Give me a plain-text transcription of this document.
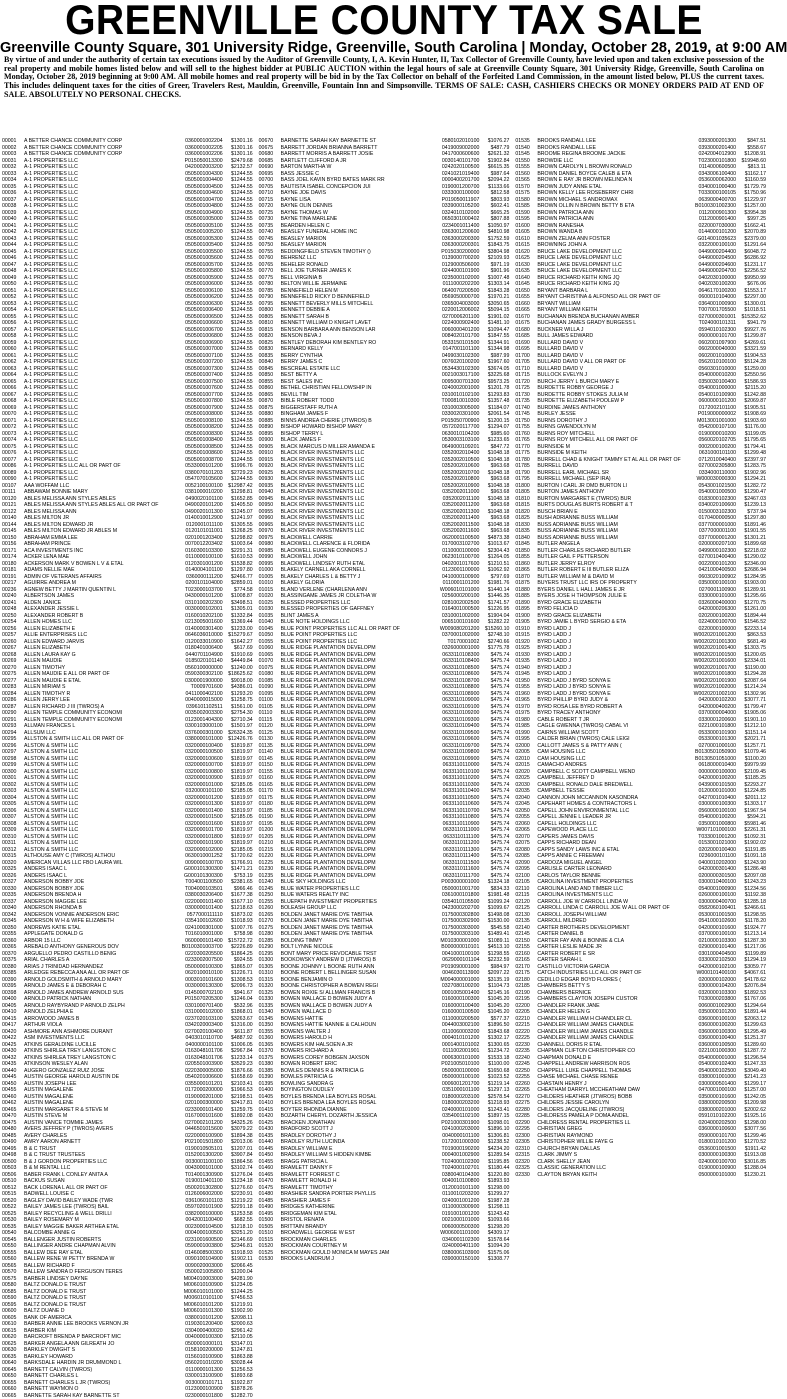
GREENVILLE COUNTY TAX SALE
Greenville County Square, 301 University Ridge, Greenville, South Carolina | Monday, October 28, 2019, at 9:00 AM

By virtue of and under the authority of certain tax executions issued by the Auditor of Greenville County, I, A. Kevin Hunter, II, Tax Collector of Greenville County, have levied upon and taken exclusive possession of the real property and mobile homes listed below and will sell to the highest bidder at PUBLIC AUCTION within the legal hours of sale at Greenville County Square, 301 University Ridge, Greenville, South Carolina on Monday, October 28, 2019 beginning at 9:00 AM. All mobile homes and real property will be bid in by the Tax Collector on behalf of the Forfeited Land Commission, in the amount listed below, PLUS the current taxes. This includes delinquent taxes for the cities of Greer, Travelers Rest, Mauldin, Greenville, Fountain Inn and Simpsonville. TERMS OF SALE: CASH, CASHIERS CHECKS OR MONEY ORDERS PAID AT END OF SALE. ABSOLUTELY NO PERSONAL CHECKS.

00001	A BETTER CHANCE COMMUNITY CORP	0360001002204	$1301.16
00002	A BETTER CHANCE COMMUNITY CORP	0360001002205	$1301.16
00003	A BETTER CHANCE COMMUNITY CORP	0360001002206	$1301.16
00031	A-1 PROPERTIES LLC	P015050013300	$2479.68
00032	A-1 PROPERTIES LLC	0420002003200	$2132.57
00033	A-1 PROPERTIES LLC	0505001004300	$1244.55
00034	A-1 PROPERTIES LLC	0505001004400	$1244.55
00035	A-1 PROPERTIES LLC	0505001004500	$1244.55
00036	A-1 PROPERTIES LLC	0505001004600	$1244.55
00037	A-1 PROPERTIES LLC	0505001004700	$1244.55
00038	A-1 PROPERTIES LLC	0505001004800	$1244.55
00039	A-1 PROPERTIES LLC	0505001004900	$1244.55
00040	A-1 PROPERTIES LLC	0505001005000	$1244.55
00041	A-1 PROPERTIES LLC	0505001005100	$1244.55
00042	A-1 PROPERTIES LLC	0505001005200	$1244.55
00043	A-1 PROPERTIES LLC	0505001005300	$1244.55
00044	A-1 PROPERTIES LLC	0505001005400	$1244.55
00045	A-1 PROPERTIES LLC	0505001005500	$1244.55
00046	A-1 PROPERTIES LLC	0505001005600	$1244.55
00047	A-1 PROPERTIES LLC	0505001005700	$1244.55
00048	A-1 PROPERTIES LLC	0505001005800	$1244.55
00049	A-1 PROPERTIES LLC	0505001005900	$1244.55
00050	A-1 PROPERTIES LLC	0505001006000	$1244.55
00051	A-1 PROPERTIES LLC	0505001006100	$1244.55
00052	A-1 PROPERTIES LLC	0505001006200	$1244.55
00053	A-1 PROPERTIES LLC	0505001006300	$1244.55
00054	A-1 PROPERTIES LLC	0505001006400	$1244.55
00055	A-1 PROPERTIES LLC	0505001006500	$1244.55
00056	A-1 PROPERTIES LLC	0505001006600	$1244.55
00057	A-1 PROPERTIES LLC	0505001006700	$1244.55
00058	A-1 PROPERTIES LLC	0505001006800	$1244.55
00059	A-1 PROPERTIES LLC	0505001006900	$1244.55
00060	A-1 PROPERTIES LLC	0505001007000	$1244.55
00061	A-1 PROPERTIES LLC	0505001007100	$1244.55
00062	A-1 PROPERTIES LLC	0505001007200	$1244.55
00063	A-1 PROPERTIES LLC	0505001007300	$1244.55
00064	A-1 PROPERTIES LLC	0505001007400	$1244.55
00065	A-1 PROPERTIES LLC	0505001007500	$1244.55
00066	A-1 PROPERTIES LLC	0505001007600	$1244.55
00067	A-1 PROPERTIES LLC	0505001007700	$1244.55
00068	A-1 PROPERTIES LLC	0505001007800	$1244.55
00069	A-1 PROPERTIES LLC	0505001007900	$1244.55
00070	A-1 PROPERTIES LLC	0505001008000	$1244.55
00071	A-1 PROPERTIES LLC	0505001008100	$1244.55
00072	A-1 PROPERTIES LLC	0505001008200	$1244.55
00073	A-1 PROPERTIES LLC	0505001008300	$1244.55
00074	A-1 PROPERTIES LLC	0505001008400	$1244.55
00075	A-1 PROPERTIES LLC	0505001008500	$1244.55
00076	A-1 PROPERTIES LLC	0505001008600	$1244.55
00077	A-1 PROPERTIES LLC	0505001008700	$1244.55
00086	A-1 PROPERTIES LLC ALL OR PART OF	0533000101200	$1996.76
00089	A-1 PROPERTIES LLC	0380070101203	$2729.23
00090	A-1 PROPERTIES LLC	0547070105600	$1244.55
00107	AAA WOFFAM LLC	0052100100100	$12987.42
00111	ABBAWAM BONNIE MARY	0381000010200	$1298.81
00120	ABLES MELISSA ANN STYLES ABLES	0490020101100	$1652.85
00121	ABLES MELISSA ANN STYLES ABLES ALL OR PART OF	0490020101200	$1405.50
00122	ABLES MELISSA ANN	0490020101300	$1245.07
00140	ABLES MILTON JR	0140010012900	$1241.97
00144	ABLES MILTON EDWARD JR	0120001011100	$1305.55
00145	ABLES MILTON EDWARD JR ABLES M	0120101011001	$1268.25
00150	ABRAHAM EMMA LEE	0201001203400	$1298.82
00156	ABRAHAM PRINCE	0070012203402	$1003.64
00171	ACA INVESTMENTS INC	0160300103300	$2291.31
00174	ACKER LENA MAE	0110000100100	$1610.53
00180	ACKERSON MARK V BOWEN L V & ETAL	0120301001200	$1538.82
00181	ADAMS NELLIE MAE	0140004101100	$1297.80
00191	ADMIN OF VETERANS AFFAIRS	0360000111200	$2466.77
00217	AGUIRRE ANDREA M	0200101104000	$2859.01
00236	AGNEW BETTY J MARTIN QUENTIN L	T023000103700	$774.58
00240	ALBERTSON JAMES	0430000101200	$1008.87
00241	ALDEN JANICE	0310100202300	$3498.51
00248	ALEXANDER JESSIE L	0030000102001	$1305.01
00250	ALEXANDER ROBERT B	0160010202100	$1332.84
00254	ALLEN HOMES LLC	0213005001600	$1369.44
00256	ALLEN ELIZABETH E	0140000301400	$1233.00
00257	ALLIE ENTERPRISES LLC	0646036010000	$15279.67
00260	ALLEN EDWARD JARVIS	0120033010900	$1642.27
00267	ALLEN ELIZABETH	0180401006400	$617.69
00268	ALLEN LAURA KAY G	0440701104900	$1910.69
00269	ALLEN MAUDIE	0185020101140	$4449.84
00270	ALLEN TIMOTHY	0560100000000	$1240.00
00275	ALLEN MAUDIE E ALL OR PART OF	0590300302100	$18625.62
00277	ALLEN MAUDIE E ETAL	0300001900000	$9018.00
00283	ALLEN MIRIAM S	T0009701600	$4386.01
00284	ALLEN TIMOTHY R	0411000402100	$1293.20
00286	ALLEN JERRY LEE	0040000015000	$1258.75
00287	ALLEN RICHARD J III (TWROS) A	0396101102511	$1561.00
00290	ALLEN TEMPLE COMMUNITY ECONOMI	0035002003300	$2754.30
00291	ALLEN TEMPLE COMMUNITY ECONOMI	0123001404300	$2710.34
00293	ALLMAN FRANCES L	0300103000100	$1501.97
00294	ALLSUM LLC	0376000301000	$26324.35
00295	ALLSTON & SMITH LLC ALL OR PART OF	0380000101000	$12426.76
00296	ALSTON & SMITH LLC	0320000100400	$1819.87
00297	ALSTON & SMITH LLC	0320000100500	$1819.97
00298	ALSTON & SMITH LLC	0320000100600	$1819.97
00299	ALSTON & SMITH LLC	0320000100700	$1819.97
00300	ALSTON & SMITH LLC	0320000100800	$1819.97
00301	ALSTON & SMITH LLC	0320000100900	$1819.97
00302	ALSTON & SMITH LLC	0320000101000	$2185.05
00303	ALSTON & SMITH LLC	0320000101100	$2185.05
00304	ALSTON & SMITH LLC	0320000101200	$1819.97
00305	ALSTON & SMITH LLC	0320000101300	$1819.97
00306	ALSTON & SMITH LLC	0320000101400	$1819.97
00307	ALSTON & SMITH LLC	0320000101500	$2185.05
00308	ALSTON & SMITH LLC	0320000101600	$1819.97
00309	ALSTON & SMITH LLC	0320000101700	$1819.97
00310	ALSTON & SMITH LLC	0320000101800	$1819.97
00311	ALSTON & SMITH LLC	0320000101900	$1819.97
00312	ALSTON & SMITH LLC	0320000102000	$2185.05
00315	ALTHOUSE AMY C (TWROS) ALTHOU	0630010001252	$1720.62
00320	AMERICAN VILLAS LLC FBO LAURA WIL	0090000100700	$1766.91
00325	ANDERS ISAAC L	G000101300300	$1471.21
00326	ANDERS ISAAC L	G000101300300	$753.19
00327	ANDERSON BOBBY JOE	T004001100500	$2381.65
00330	ANDERSON BOBBY JOE	T004000103501	$966.46
00335	ANDERSON BRENDA H	0380030206400	$1677.38
00337	ANDERSON MAGGIE LEE	0220000101400	$1677.10
00340	ANDERSON RHONDA B	0300000101400	$1218.63
00342	ANDERSON VONNIE ANDERSON ERIC	0577000111110	$1873.02
00345	ANDERSON W H & WIFE ELIZABETH	0354100102600	$1018.93
00350	ANDREWS KATIE ETAL	0241000301000	$1007.76
00355	APPLEGATE DONALD G	T016010001000	$758.98
00360	ARBOR 15 LLC	0600000101400	$15722.72
00365	AREBALO ANTHONY GENEROUS DOV	B0100301003700	$2226.89
00370	ARGUELLO PEDRO CASTILLO BENIG	0220300205500	$1864.25
00375	ARIAL CHARLES A	0233002007500	$924.55
00380	ARIAS J TRINIDAD HERNANDEZ	0500000100300	$1865.07
00385	ARLEDGE REBECCA ANA ALL OR PART OF	0620100010100	$1226.71
00390	ARNOLD GOLDSMITH & ARNOLD MARY	0003010101600	$1308.53
00395	ARNOLD JAMES E & DEBORAH C	0030000130300	$2096.73
00398	ARNOLD JAMES ANDREW ARNOLD SUS	0145000702100	$941.67
00400	ARNOLD PATRICK NATHAN	P015070205300	$1246.04
00405	ARNOLD RAYBYRAND P ARNOLD ZELPH	0301000701400	$532.96
00410	ARNOLD ZELPHIA E	0310000102000	$1868.01
00415	ARROWOOD JAMES B	0237020103100	$3263.67
00417	ARTHUR VIOLA	0342020003400	$1316.00
00420	ASHMORE ANN ASHMORE DURANT	0270020100400	$611.87
00422	ASM INVESTMENTS LLC	0403010110700	$4887.92
00425	ATKINS GERALDINE LUCILLE	0400000101100	$1006.05
00430	ATKINS SHIRLEA TREY LANGSTON C	0163048101706	$2967.84
00432	ATKINS SHIRLEA TREY LANGSTON C	0163048101706	$1233.14
00435	ATKINSON WESLEY ALAN	0205501003900	$3529.23
00440	AUGERO GONZALEZ RUIZ JOSE	0220300005000	$1876.66
00445	AUSTIN GEORGE HAROLD AUSTIN DE	0540201006600	$1658.69
00450	AUSTIN JOSEPH LEE	0355000101201	$2103.41
00455	AUSTIN MAGALENE	0172000200000	$1966.53
00460	AUSTIN MAGALENE	0190000201000	$2198.51
00462	AUSTIN MAGALENE	0201000300000	$2417.81
00465	AUSTIN MARGARET R & STEVE M	0233000101400	$1259.75
00470	AUSTIN STEVE M	0167000101600	$1892.08
00475	AUSTIN VANCE TOMMIE JAMES	0270002101200	$4325.26
00480	AVERS JEFFREY P (TWROS) AVERS	0446501015600	$3079.22
00485	AVERY CHARLES	0220000100900	$1894.38
00490	AWRY AARON ARNETT	P021001501800	$2013.06
00495	B & C TRUST	0190010505101	$1207.01
00498	B & C TRUST TRUSTEES	0152001300200	$3907.84
00500	B & J GORDON PROPERTIES LLC	0030001100100	$1864.56
00503	B & M RENTAL LLC	0043000101000	$3102.74
00506	BABER FRANK L CONLEY ANITA A	T014001300900	$1276.04
00510	BACKUS SUSAN	0190010401100	$1234.18
00512	BACK LORENA L ALL OR PART OF	0500201302800	$1276.60
00515	BADWELL LOUISE C	0126006002000	$2230.91
00520	BAGLEY DAVID BAILEY WADE (TWR	0361060101103	$1219.22
00522	BAILEY JAMES LEE (TWROS) BAIL	0597020101900	$2291.18
00525	BAILEY RECYCLING & WELL DRILLI	0382000100000	$1253.58
00530	BAILEY ROSEMARY M	0042001100400	$682.55
00535	BAILEY MAGGIE BAKER ARTHEA ETAL	0023000104500	$1218.10
00540	BALCOMBE ANNIE G	0004000100500	$3251.20
00545	BALLENGER JUSTIN ROBERTS	0231001600500	$2146.69
00550	BALLINGER ANDRE CHAPMAN ALVIN	0590001003800	$2346.81
00555	BALLEW DEE RAY ETAL	0146008500300	$1918.93
00560	BALLEW RENE W PETTY BRENDA W	0090100104900	$1902.11
00565	BALLEW RICHARD F	0090020003000	$2066.45
00570	BALLEW SANDRA D FERGUSON TERES	0500021005800	$1200.04
00575	BARBER LINDSEY DAYNE	M004010003000	$4281.90
00580	BALTZ DONALD E TRUST	M006010100900	$1234.05
00585	BALTZ DONALD E TRUST	M006010101000	$1244.25
00590	BALTZ DONALD E TRUST	M006010101100	$7456.53
00595	BALTZ DONALD E TRUST	M006010101200	$1219.91
00600	BALTZ DUANE D	M006010101300	$1902.90
00605	BANK OF AMERICA	0380010101200	$2098.11
00610	BARBER ANNIE LEE BROOKS VERNON JR	0190301200400	$2000.63
00615	BARBER KIM	0304000400020	$2961.42
00620	BARCROFT BRENDA P BARCROFT MIC	0040000100300	$2110.05
00625	BARKER ANGELA ANN GILREATH JO	0500001000101	$3147.01
00630	BARKLEY DWIGHT S	0158100200000	$1247.81
00635	BARKLEY HOWARD	0156010100900	$1863.88
00640	BARKSDALE HARDIN JR DRUMMOND L	0560201010200	$3028.44
00645	BARNETT CALVIN (TWROS)	0110000101300	$1256.53
00650	BARNETT CHARLES L	0300013100900	$1893.68
00655	BARNETT CHARLES L JR (TWROS)	0030000101711	$1922.87
00660	BARNETT WAYMON O	0123000100900	$1878.26
00665	BARNETTE SARAH KAY BARNETTE ST	0230000101800	$1282.70
00670	BARNETTE SARAH KAY BARNETTE ST	0580102010100	$1076.27
00675	BARRETT JORDAN BRIANNA BARRETT	0419009002000	$487.79
00680	BARRETT MORRIS A BARRETT JOSIE	0417000600600	$2621.32
00685	BARTLETT CLIFFORD A JR	0030140101700	$1902.84
00690	BARTON MARTHA W	0242020100500	$6615.35
00695	BASS JESSIE C	0241021019400	$987.64
00700	BASS JOEL KAVIN BYRD BATES MARK RR	0000400201700	$2094.22
00705	BAUTISTA ISABEL CONCEPCION JUI	0190001200700	$1133.66
00710	BAYNE JOE DAVIS	0333000100000	$812.58
00715	BAYNE LISA	P019050011907	$803.93
00720	BAYNE OLIN DENNIS	0339000105200	$602.41
00725	BAYNE THOMAS W	0324010102000	$665.25
00730	BAYNE TINA MARLENE	0650301000402	$807.88
00735	BEARDEN HELEN C	0234001011400	$1050.97
00740	BEASLEY FUNERAL HOME INC	0363001200600	$4810.98
00745	BEASLEY MARION	0363000200300	$1752.59
00750	BEASLEY MARION	0363000200301	$1843.75
00755	BEDDINGFIELD STEVEN TIMOTHY ()	P015030200000	$3804.98
00760	BEHRENZ LLC	0139000700200	$2109.93
00765	BEHELER RONALD	0129000506000	$971.19
00770	BELL JOE TURNER JAMES K	0244000101900	$901.96
00775	BELL VIRGINIA B	0235000102000	$1007.48
00780	BELTON WILLIE JERMAINE	0111000202200	$1303.14
00785	BENNEFIELD HELEN M	0640070200500	$1843.28
00790	BENNEFIELD RICKY D BENNEFIELD	0569050000700	$1970.21
00795	BENNETT BEVERLY MILLS MITCHELL	0365004003000	$3050.65
00800	BENNETT DEBBIE A	0220012006002	$5094.15
00805	BENNETT SARAH B	0270006201100	$1901.02
00810	BENNETT WILLIAM D KNIGHT LAVET	0224000902400	$1481.10
00815	BENSON BARBARA ANN BENSON LAR	0060000401200	$1094.47
00820	BENSON BEVA J	0084020101700	$1847.55
00825	BENTLEY DEBORAH KIM BENTLEY RO	0533150101500	$1344.91
00830	BERNARD KELLY	0147001101100	$1344.98
00835	BERRY CYNTHIA	0499030102300	$987.99
00840	BERRY JAMES C	0076020100200	$1967.60
00845	BESCREAL ESTATE LLC	0534430102300	$3674.05
00850	BEST BETTY A	0021003017100	$3225.68
00855	BEST SALES INC	0095000701300	$9573.25
00860	BETHEL CHRISTIAN FELLOWSHIP IN	0240002001000	$1201.78
00865	BEVILL TIM	0310010102100	$1293.83
00870	BIBLE ROBERT TODD	T000810010300	$1357.48
00875	BIGGERSTAFF RUTH A	0310003005000	$1184.07
00880	BINGHAM JAMES F	0330020301000	$2061.54
00885	BINNS ANDREA CHERIE (JTWROS) B	P015050700900	$1200.15
00890	BISHOP HOWARD BISHOP MARY	0572020117700	$1294.07
00895	BISHOP TERRY L	0630010104200	$985.60
00900	BLACK JAMES F	0530003103100	$1233.65
00905	BLACK MARCUS D MILLER AMANDA E	0649000109201	$847.72
00910	BLACK RIVER INVESTMENTS LLC	0352002010400	$1048.18
00915	BLACK RIVER INVESTMENTS LLC	0352002010500	$1048.18
00920	BLACK RIVER INVESTMENTS LLC	0352002010600	$963.68
00925	BLACK RIVER INVESTMENTS LLC	0352002010700	$1048.18
00930	BLACK RIVER INVESTMENTS LLC	0352002010800	$963.68
00935	BLACK RIVER INVESTMENTS LLC	0352002010900	$1048.18
00940	BLACK RIVER INVESTMENTS LLC	0352002011000	$963.68
00945	BLACK RIVER INVESTMENTS LLC	0352002011100	$1048.18
00950	BLACK RIVER INVESTMENTS LLC	0352002011200	$963.68
00955	BLACK RIVER INVESTMENTS LLC	0352002011300	$1048.18
00960	BLACK RIVER INVESTMENTS LLC	0352002011400	$963.68
00965	BLACK RIVER INVESTMENTS LLC	0352002011500	$1048.18
00970	BLACK RIVER INVESTMENTS LLC	0352002011600	$963.68
00975	BLACKWELL CARRIE	0620001100500	$4873.38
00980	BLACKWELL CLARENCE & FLORIDA	0170003102700	$1013.67
00985	BLACKWELL EUGENE CONNORS J	0110000100000	$2304.43
00990	BLACKWELL JOHN	0623010100700	$1264.05
00995	BLACKWELL LINDSEY RUTH ETAL	0402001017600	$1210.51
01000	BLAKELY CARNELL AKA CORNELL	0123001100000	$1062.92
01005	BLAKELY CHARLES L & BETTY J	0410000100900	$797.69
01010	BLAKELY GLORIA	0110001101200	$1981.76
01015	BLAND VERLENE (CHARLENA ANN	W006010101000	$1440.14
01020	BLASSINGAME JAMES JR COLETHA W	0256000200100	$1446.35
01025	BLESSED PROPERTIES LLC	0281002002500	$1741.57
01030	BLESSED PROPERTIES OF GAFFNEY	0164001000500	$1226.95
01035	BLINT JAMES A	0310001002000	$1904.04
01040	BLUE NOTE HOLDINGS LLC	0065100101600	$1282.22
01045	BLUE POINT PROPERTIES LLC ALL OR PART OF	W009080201200	$15260.10
01050	BLUE POINT PROPERTIES LLC	0370001002000	$2748.10
01055	BLUE POINT PROPERTIES LLC	T0170001002	$2740.66
01060	BLUE RIDGE PLANTATION DEVELOPM	0326000001000	$1775.78
01065	BLUE RIDGE PLANTATION DEVELOPM	0633110108300	$475.74
01070	BLUE RIDGE PLANTATION DEVELOPM	0633110108400	$475.74
01075	BLUE RIDGE PLANTATION DEVELOPM	0633110108500	$475.74
01080	BLUE RIDGE PLANTATION DEVELOPM	0633110108600	$475.74
01085	BLUE RIDGE PLANTATION DEVELOPM	0633110108700	$475.74
01090	BLUE RIDGE PLANTATION DEVELOPM	0633110108800	$475.74
01095	BLUE RIDGE PLANTATION DEVELOPM	0633110108900	$475.74
01100	BLUE RIDGE PLANTATION DEVELOPM	0633110109000	$475.74
01105	BLUE RIDGE PLANTATION DEVELOPM	0633110109100	$475.74
01110	BLUE RIDGE PLANTATION DEVELOPM	0633110109200	$475.74
01115	BLUE RIDGE PLANTATION DEVELOPM	0633110109300	$475.74
01120	BLUE RIDGE PLANTATION DEVELOPM	0633110109400	$475.74
01125	BLUE RIDGE PLANTATION DEVELOPM	0633110109500	$475.74
01130	BLUE RIDGE PLANTATION DEVELOPM	0633110109600	$475.74
01135	BLUE RIDGE PLANTATION DEVELOPM	0633110109700	$475.74
01140	BLUE RIDGE PLANTATION DEVELOPM	0633110109800	$475.74
01145	BLUE RIDGE PLANTATION DEVELOPM	0633110109900	$475.74
01150	BLUE RIDGE PLANTATION DEVELOPM	0633110110000	$475.74
01155	BLUE RIDGE PLANTATION DEVELOPM	0633110110100	$475.74
01160	BLUE RIDGE PLANTATION DEVELOPM	0633110110200	$475.74
01165	BLUE RIDGE PLANTATION DEVELOPM	0633110110300	$475.74
01170	BLUE RIDGE PLANTATION DEVELOPM	0633110110400	$475.74
01175	BLUE RIDGE PLANTATION DEVELOPM	0633110110500	$475.74
01180	BLUE RIDGE PLANTATION DEVELOPM	0633110110600	$475.74
01185	BLUE RIDGE PLANTATION DEVELOPM	0633110110700	$475.74
01190	BLUE RIDGE PLANTATION DEVELOPM	0633110110800	$475.74
01195	BLUE RIDGE PLANTATION DEVELOPM	0633110110900	$475.74
01200	BLUE RIDGE PLANTATION DEVELOPM	0633110111000	$475.74
01205	BLUE RIDGE PLANTATION DEVELOPM	0633110111100	$475.74
01210	BLUE RIDGE PLANTATION DEVELOPM	0633110111200	$475.74
01215	BLUE RIDGE PLANTATION DEVELOPM	0633110111300	$475.74
01220	BLUE RIDGE PLANTATION DEVELOPM	0633110111400	$475.74
01225	BLUE RIDGE PLANTATION DEVELOPM	0633110111500	$475.74
01230	BLUE RIDGE PLANTATION DEVELOPM	0633110111600	$475.74
01235	BLUE RIDGE PLANTATION DEVELOPM	0633110111700	$475.74
01240	BLUE SKY HOLDINGS LLC	P003000001000	$1324.18
01245	BLUE WATER PROPERTIES LLC	0500001001700	$834.33
01250	BLUE WATERS REALTY INC	0361000101800	$1981.48
01255	BLUEPATH INVESTMENT PROPERTIES	0354010105500	$1099.24
01260	BOLEASH GROUP LLC	0423000202700	$1099.67
01265	BOLDEN JANET MARIE DYE TABITHA	0175000302800	$1498.08
01270	BOLDEN JANET MARIE DYE TABITHA	0175000302900	$1530.00
01275	BOLDEN JANET MARIE DYE TABITHA	0175000303000	$545.58
01280	BOLDEN JANET MARIE DYE TABITHA	0175000303100	$1489.41
01285	BOLDING TIMMY	M010300001000	$1089.11
01290	BOLT LYNNE NICOLE	B000000010101	$4513.10
01295	BONT MARY PRICE REVOCABLE TRST	0041000100100	$1298.55
01300	BOOKOWSKY ANDREW D (JTWROS) B	0629000101104	$2232.59
01305	BOONE JOHNNY L BOONE RUTH ANN	P019090001000	$984.97
01310	BOONE ROBERT L BELLINGER SUSAN	0046030113900	$2097.22
01315	BOONE BENJAMIN O	M004000001000	$3135.19
01320	BOONE CHRISTOPHER A BOWEN REGI	0327080100200	$1104.73
01325	BOWEN ROXIE S/ ALLMAN FRANCIS B	0001005001400	$2145.16
01330	BOWEN WALLACE D BOWEN JUDY A	0160000100300	$1045.20
01335	BOWEN WALLACE D BOWEN JUDY A	0160000100400	$1045.20
01340	BOWEN WALLACE D	0160000100500	$1045.20
01345	BOWENS HATTIE	0110000200500	$577.37
01350	BOWENS HATTIE NANNIE & CALHOUN	0044003002100	$1896.50
01355	BOWENS WALTER J	0110060003200	$1843.68
01360	BOWERS HAROLD H	0004010101200	$1302.17
01365	BOWERS KIM HALSOEN A JR	0001400101002	$1300.65
01370	BOWERS RICHARD A	0111002001901	$1234.72
01375	BOWERS COREY BOBGEN JAXSON	0006300101000	$1533.18
01380	BOWEN ROBERT ERIC	P021005010100	$1100.00
01385	BOWLES DENNIS R & PATRICIA G	0500000100000	$1650.68
01390	BOWLES PATRICIA G	0500000100100	$1023.52
01395	BOWLING SANDRA G	0006001201700	$1219.14
01400	BOYINGTON DUDLEY	0351000101100	$1297.13
01405	BOYLES BRENDA LEA BOYLES ROSAL	0180000203100	$2578.54
01410	BOYLES BRENDA LEA BOYLES ROSAL	0180000203200	$1218.93
01415	BOYTER RHONDA DIANNE	0240000101000	$1243.41
01420	BOZARTH CHERYL DOZARTH JESSICA	0354001102100	$1897.15
01425	BRACKEN JONATHAN	P021000301900	$1098.01
01430	BRADFORD SCOTT J	0241000203000	$1896.10
01435	BRADLEY DOROTHY J	0040000101100	$1306.81
01440	BRADLEY RUTH LUCINDA	0172001000300	$1238.52
01445	BRADLEY WILLIAM E	T019000190200	$4234.20
01450	BRADLEY WILLIAM S HIDDEN KIMBE	0004001002900	$1289.54
01455	BRAGG PATRICIA L	T024000102300	$1195.85
01460	BRAMLETT DANNY F	T024000102701	$1180.44
01465	BRAMLETT FORREST C	0380040104300	$1220.80
01470	BRAMLETT RONALD H	0040010100800	$1893.93
01475	BRAMLETT TIMOTHY	0120010101100	$1298.00
01480	BRASHIER SANDRA PORTER PHYLLIS	0110010203200	$1299.27
01485	BRASHIER JAMES F	0240001001200	$1987.28
01490	BRIDGES KATHERINE	0110000300900	$1298.11
01495	BRIDGEMAN KIM ETAL	0191001001200	$1243.42
01500	BRISTOL RENATA	0021000101000	$1093.66
01505	BRITTAIN BRANDY	0060000500300	$1298.20
01510	BROADWELL GEORGE W EST	W006001101000	$4309.17
01515	BROCKMAN CHARLES	0340001102300	$1578.64
01520	BROCKMAN COURTNEY M	0240000401100	$1094.20
01525	BROCKMAN GOULD MONICA M MAYES JAM	0380006103900	$1575.06
01530	BROOKS LANDRUM J	0390000150100	$1308.77
01535	BROOKS RANDALL LEE	0393000201300	$847.51
01540	BROOKS RANDALL LEE	0393000201400	$558.67
01545	BROOME REGINA BROOME JACKIE	0242004012900	$1208.91
01550	BROWDIE LLC	T023000101800	$19948.60
01555	BROWN CAROLYN L BROWN RONALD	0114000600500	$813.11
01560	BROWN DANIEL BOYCE CALEB & ETA	0343006100400	$1162.17
01565	BROWN E RAY JR BROWN MELINDA N	0536000062000	$1160.59
01570	BROWN JUDY ANNE ETAL	0340001000400	$1729.79
01575	BROWN KELLY LEE ROSEBERRY CHRI	T033000100105	$1750.96
01580	BROWN MICHAEL S ANDROMAX	0639000400700	$1229.97
01585	BROWN OLLIN N BROWN BETTY B ETA	B0100301002300	$1257.00
01590	BROWN PATRICIA ANN	0112000901300	$3954.38
01595	BROWN PATRICIA ANN	0112000901400	$997.25
01600	BROWN RANESHA	0220007030000	$1662.41
01605	BROWN WANDA B	0144000101200	$2070.89
01610	BROWN ZELMA ANN FOSTER	G014001035623	$2379.00
01615	BROWNING JOHN A	0322000100100	$1291.64
01620	BRUCE LAKE DEVELOPMENT LLC	0449000204400	$6048.72
01625	BRUCE LAKE DEVELOPMENT LLC	0449000204500	$6286.92
01630	BRUCE LAKE DEVELOPMENT LLC	0449000204600	$1231.17
01635	BRUCE LAKE DEVELOPMENT LLC	0449000204700	$2256.52
01640	BRUCE RICHARD KEITH KING JQ	0402030100000	$9950.99
01645	BRUCE RICHARD KEITH KING JQ	0402030100200	$676.06
01650	BRYANT BARBARA L	0646170100200	$1553.17
01655	BRYANT CHRISTINA & ALFONSO ALL OR PART OF	0600010104000	$2297.00
01660	BRYANT WILLIAM	0364001000900	$1300.01
01665	BRYANT WILLIAM KEITH	T007001705500	$1018.51
01670	BUCHANAN BRENDA BUCHANAN AMBER	0270000301001	$15352.62
01675	BUCHANAN JAMES GRADY BURGESS L	T024000101311	$941.79
01680	BUCKNER WILLA J	0594010102300	$9927.76
01685	BULL JAMES EDWARD	0600000101700	$1299.87
01690	BULLARD DAVID V	0602001097900	$4269.61
01695	BULLARD DAVID V	0602000040000	$3321.59
01700	BULLARD DAVID V	0602001010000	$1904.53
01705	BULLARD DAVID V ALL OR PART OF	0562010100100	$5124.28
01710	BULLARD DAVID V	0560301010000	$1259.00
01715	BULLOCK EVELYN J	0540000010200	$2550.56
01720	BURCH JERRY L BURCH MARY E	0350030100400	$1586.93
01725	BURDETTE ROBBY GEORGE J	0540001000000	$2115.20
01730	BURDETTE ROBBY STOKES JULIA M	0540010100900	$1242.88
01735	BURDETTE ELIZABETH POOLEW P	0600000101200	$2069.87
01740	BURDINE JAMES ANTHONY	0172002101100	$1905.51
01745	BURLEY JESSE	P019000000002	$1908.69
01750	BURNS DOROTHY J	M013001001000	$1903.60
01755	BURNS GWENDOLYN M	0542000107100	$1176.00
01760	BURNS ROY MITCHELL	0190000010200	$1199.05
01765	BURNS ROY MITCHELL ALL OR PART OF	0560020102705	$1795.65
01770	BURNSIDE M	0002000100200	$1794.41
01775	BURNSIDE M KEITH	0631000101100	$1299.48
01780	BURRELL CHAD & KNIGHT TAMMY ET AL ALL OR PART OF	0712010040400	$2397.97
01785	BURRELL DAVID	0270002305800	$1283.75
01790	BURRELL EARL MICHAEL SR	0334000110000	$1902.96
01795	BURRELL MICHAEL (SEP IRA)	W000030000300	$1294.21
01800	BURTON I CARL JR DMD BURTON LI	0543001021500	$1282.72
01805	BURTON JAMES ANTHONY	0540001000500	$1290.47
01810	BURTON MARGARET E (TWROS) BUR	0183000102300	$2467.03
01815	BURTS DOUGLAS BURTS ROBERT & T	0340020100600	$1239.13
01820	BUSCH BRIAN E	0150003102300	$737.94
01825	BUSH ADRIANNE BUSS WILLIAM	0170400000500	$1297.80
01830	BUSS ADRIANNE BUSS WILLIAM	0377000001000	$1891.46
01835	BUSS ADRIANNE BUSS WILLIAM	0377000001100	$1901.55
01840	BUSS ADRIANNE BUSS WILLIAM	0377000001200	$1301.21
01845	BUTLER ANGELA	0200000207100	$1899.68
01850	BUTLER CHARLES RICHARD BUTLER	0499000102300	$2218.02
01855	BUTLER GAIL F PETTERSON	0270010400400	$1290.02
01860	BUTLER JERRY ELROY	0022000101200	$2346.00
01865	BUTLER ROBERT E III BUTLER ELIZA	0421000400500	$2686.94
01870	BUTLER WILLIAM M & DAVID M	0603020100902	$1284.95
01875	BUYERS TRUST LLC IRS OF PROPERTY	0350000100100	$1903.00
01880	BYERS DANIEL L HALL JAMES E JR	0270001100900	$1289.91
01885	BYERS JOSE H THOMPSON JULIE E	0330000101000	$1295.66
01890	BYRD GRACE ELIZABETH	0326000400000	$1270.75
01895	BYRD FELICIA D	0420000206300	$1261.00
01900	BYRD GRACE ELIZABETH	0202000100200	$1894.44
01905	BYRD JAMIE L BYRD SERGIO & ETA	0224000100700	$1546.52
01910	BYRD LADD J	0220000100000	$2233.14
01915	BYRD LADD J	W0020201001200	$863.53
01920	BYRD LADD J	W0020201001300	$681.49
01925	BYRD LADD J	W0020201001400	$1303.75
01930	BYRD LADD J	W0020201001500	$1200.65
01935	BYRD LADD J	W0020201001600	$2334.01
01940	BYRD LADD J	W0020201001700	$1190.00
01945	BYRD LADD J	W0020201001800	$1294.28
01950	BYRD LADD J BYRD SONYA E	W0020201001900	$2087.64
01955	BYRD LADD J BYRD SONYA E	W0020201002000	$1214.24
01960	BYRD LADD J BYRD SONYA E	W0020201002100	$1302.96
01965	BYRD PHILLIP BYRD JUDY &	0420000102200	$3077.71
01970	BYRD ROSA LEE BYRD ROBERT A	0420000400200	$1799.47
01975	BYRD TRACEY ANTHONY	0370000004000	$1905.06
01980	CABLE ROBERT T JR	0330001200600	$1901.10
01985	CAGLE GWENNA (TWROS) CABAL VI	0221000101800	$1212.10
01990	CAIRNS WILLIAM SCOTT	0533000101900	$1151.14
01995	CALDER BRIAN (TWROS) CALE LEIGI	0533000101300	$2021.71
02000	CALLOTT JAMES S & PATTY ANN (	0270001000100	$1257.71
02005	CAM HOUSING LLC	B0130501050900	$1079.46
02010	CAM HOUSING LLC	B0130501051000	$1100.20
02015	CAMACHO ANDRES	0618000010400	$9979.99
02020	CAMPBELL C SCOTT CAMPBELL WEND	0000000100000	$2109.45
02025	CAMPBELL JEFFREY D	0420000100200	$1185.25
02030	CAMPBELL RONALD DALE BREDWELL	0439000101500	$2293.27
02035	CAMPBELL TESSIE	0120000101000	$1224.85
02040	CANNON JOHN MCCANNON KASONDRA	0427001010400	$2011.12
02045	CAPEHART HOMES & CONTRACTORS L	0300000100300	$1303.17
02050	CAPELL JOHN ENVIRONMENTAL LLC	0560000100100	$1967.54
02055	CAPELL JENNIE L LEADER JR	0540000100200	$594.21
02060	CAPELL HOLDINGS LLC	0350001000800	$5981.46
02065	CAPEWOOD PLACE LLC	W007101000100	$2261.31
02070	CAPERS JAMES DAVIS	T033001001200	$1092.31
02075	CAPPS RICHARD DEAN	0153001021000	$1902.02
02080	CAPPS SANDY LAWS INC & ETAL	0202000100400	$1191.85
02085	CAPPS ANNIE C FREEMAN	0236000101100	$1091.18
02090	CARDOZA MIGUEL ANGEL	0400010202000	$1243.90
02095	CARLISLE CARTER LEONARD	0420000301400	$1286.48
02100	CARLOS TAYLOR BENNIE	0200000301500	$2097.08
02105	CAROLINA INVESTMENT PROPERTIES	0300010400100	$1243.23
02110	CAROLINA LAND AND TIMBER LLC	0540001000900	$1234.56
02115	CAROLINA INVESTMENTS LLC	0260000100100	$1192.38
02120	CARROLL JOE W CARROLL LINDA W	0300000400700	$1285.18
02125	CARROLL LINDA C CARROLL JOE W ALL OR PART OF	0582060100401	$2466.61
02130	CARROLL JOSEPH WILLIAM	0530001001500	$1298.55
02135	CARROLL MILDRED	0541000102600	$1178.20
02140	CARTER BROTHERS DEVELOPMENT	0420000101600	$1924.77
02145	CARTER DANIEL B	0370000100100	$1213.14
02150	CARTER FAY ANN & BONNIE & CLA	0210000103300	$1287.30
02155	CARTER LESLIE MADE JR	0290000101400	$1217.06
02160	CARTER ROBERT E SR	0301000404500	$1199.89
02165	CARTER SARAH L	0330002102500	$1294.19
02170	CASTILLO VICTORIA GARCIA	0420000102100	$3059.77
02175	CATCH INDUSTRIES LLC ALL OR PART OF	W000101400100	$4067.61
02180	CEDILLO EDGAR BOYD FLORES (	0200000102000	$4178.62
02185	CHAMBERS BETTY S	0300000104200	$2076.84
02190	CHAMBERS BERNICE	0320000103300	$1892.53
02195	CHAMBERS CLAYTON JOSEPH CUSTOR	T030000203800	$1767.06
02200	CHANDLER FRANK JANE	0060001002900	$1294.64
02205	CHANDLER HELEN G	0350000101200	$1891.44
02210	CHANDLER WILLIAM H CHANDLER CL	0360000100100	$2063.12
02215	CHANDLER WILLIAM JAMES CHANDLE	0360000100200	$1299.63
02220	CHANDLER WILLIAM JAMES CHANDLE	0360000100300	$1295.49
02225	CHANDLER WILLIAM JAMES CHANDLE	0360000100400	$1251.37
02230	CHANNELL DORIS R ETAL	0360000100500	$1289.60
02235	CHAPMAN CLIFTON CHRISTOPHER CO	0221001000300	$1287.72
02240	CHAPMAN DONALD E	0540000001000	$1296.54
02245	CHAPPELL ANDREW HARRISON ROS	0540000102400	$1247.33
02250	CHAPPELL LUKE CHAPPELL THOMAS	0540000102500	$3049.40
02255	CHASE MICHAEL CHASE RENEE	0380001001000	$2141.23
02260	CHASTAIN HENRY J	0300000501400	$1299.17
02265	CHEATHAM DARRYL MCCHEATHAM DAW	0470001000100	$1257.00
02270	CHILDERS HEATHER (JTWROS) BOBB	0350000101600	$1242.05
02275	CHILDERS JESSIE CAROLYN	0380000200500	$1209.98
02280	CHILDERS JACQUELINE (JTWROS)	0380000201000	$2002.62
02285	CHILDRESS PAMELA P DOMA ANDEL	0591010102200	$1925.16
02290	CHILDRESS RENTAL PROPERTIES LL	0204000202500	$1298.00
02295	CHRISTIAN GREG	0360000100600	$3077.56
02300	CHRISTIAN RAYMOND	0590000101700	$1299.46
02305	CHRISTOPHER WILLIE FAYE G	0180010101200	$1270.52
02310	CHURCH BRYAN DALLAS	0536001001500	$1911.42
02315	CLARK JIMMY S	0300000100300	$1913.08
02320	CLARK SHELLY JEAN	0240000100700	$3016.85
02325	CLASSIC GENERATION LLC	0190000100900	$1288.04
02330	CLAYTON BRYAN KEITH	0500000101000	$1230.21
